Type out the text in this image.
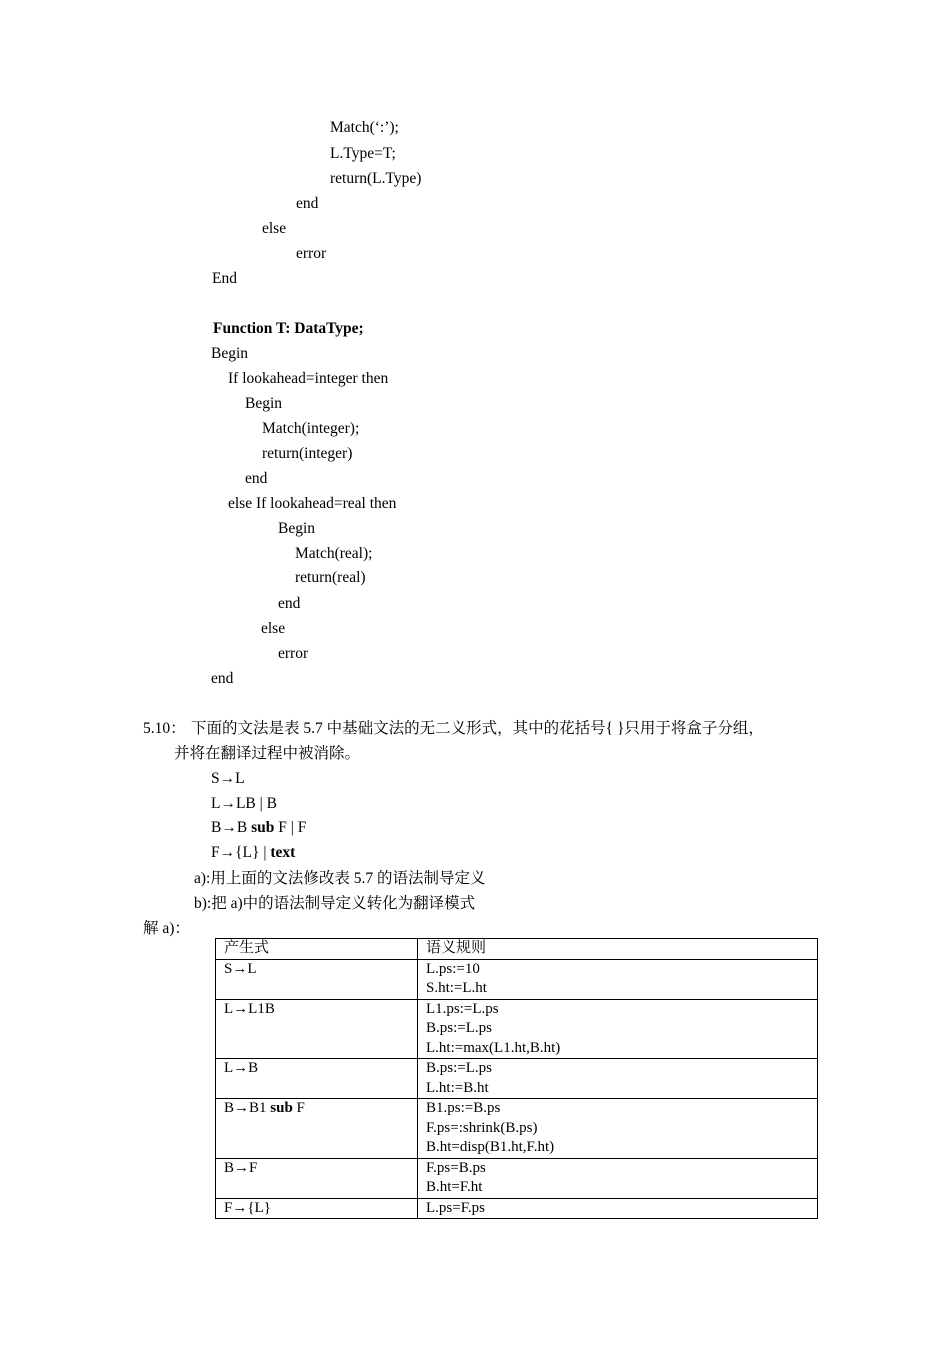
Match(‘:’);
L.Type=T;
return(L.Type)
end
else
error
End
Function T: DataType;
Begin
If lookahead=integer then
Begin
Match(integer);
return(integer)
end
else If lookahead=real then
Begin
Match(real);
return(real)
end
else
error
end
5.10： 下面的文法是表 5.7 中基础文法的无二义形式，其中的花括号{ }只用于将盒子分组，
并将在翻译过程中被消除。
S→L
L→LB | B
B→B sub F | F
F→{L} | text
a):用上面的文法修改表 5.7 的语法制导定义
b):把 a)中的语法制导定义转化为翻译模式
解 a)：
产生式	语义规则
S→L	L.ps:=10
S.ht:=L.ht

L→L1B	L1.ps:=L.ps
B.ps:=L.ps
L.ht:=max(L1.ht,B.ht)

L→B	B.ps:=L.ps
L.ht:=B.ht

B→B1 sub F	B1.ps:=B.ps
F.ps=:shrink(B.ps)
B.ht=disp(B1.ht,F.ht)

B→F	F.ps=B.ps
B.ht=F.ht

F→{L}	L.ps=F.ps
